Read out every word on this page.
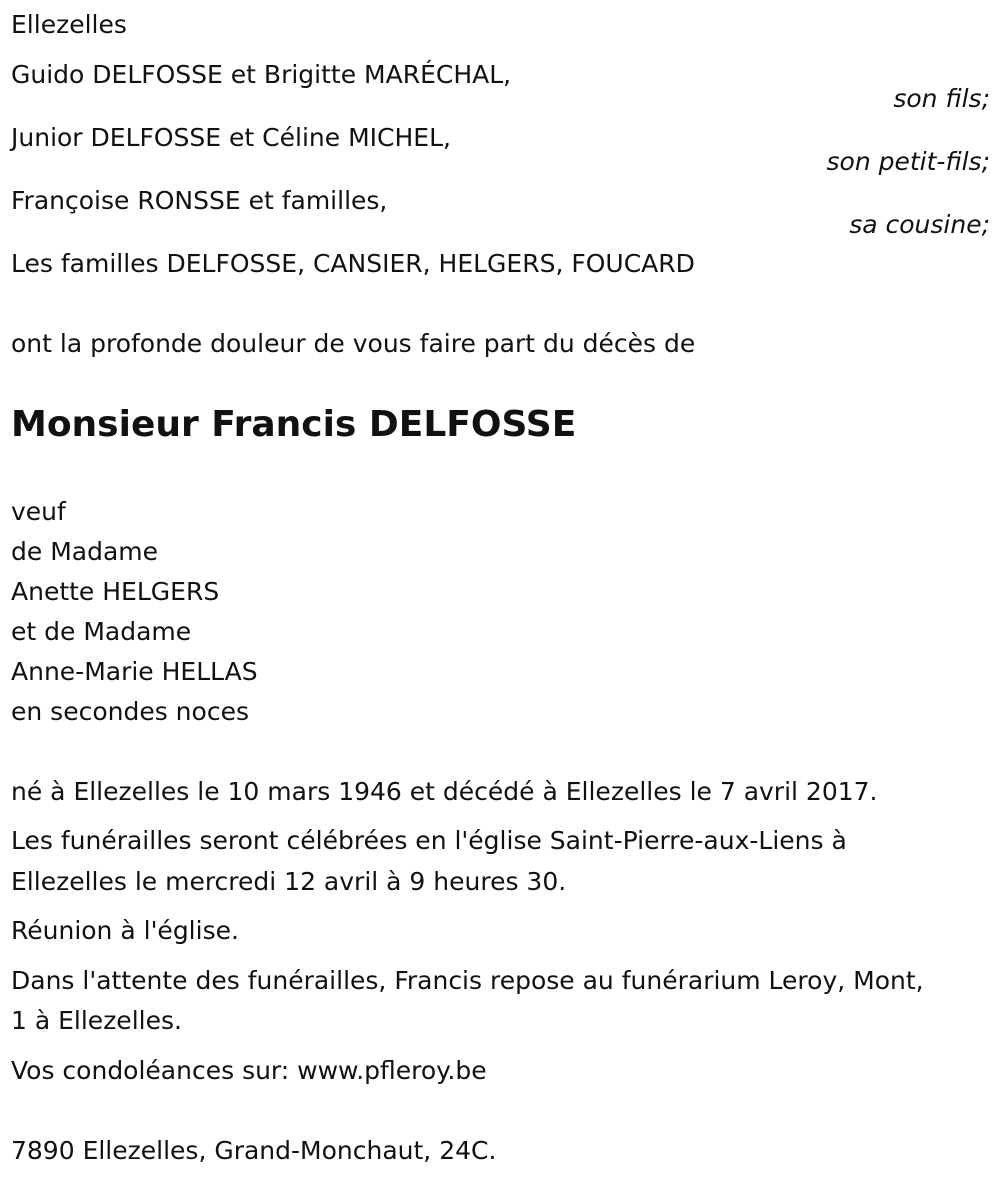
Ellezelles
Guido DELFOSSE et Brigitte MARÉCHAL,
son fils;
Junior DELFOSSE et Céline MICHEL,
son petit-fils;
Françoise RONSSE et familles,
sa cousine;
Les familles DELFOSSE, CANSIER, HELGERS, FOUCARD
ont la profonde douleur de vous faire part du décès de
Monsieur Francis DELFOSSE
veuf
de Madame
Anette HELGERS
et de Madame
Anne-Marie HELLAS
en secondes noces
né à Ellezelles le 10 mars 1946 et décédé à Ellezelles le 7 avril 2017.
Les funérailles seront célébrées en l'église Saint-Pierre-aux-Liens à
Ellezelles le mercredi 12 avril à 9 heures 30.
Réunion à l'église.
Dans l'attente des funérailles, Francis repose au funérarium Leroy, Mont,
1 à Ellezelles.
Vos condoléances sur: www.pfleroy.be
7890 Ellezelles, Grand-Monchaut, 24C.
